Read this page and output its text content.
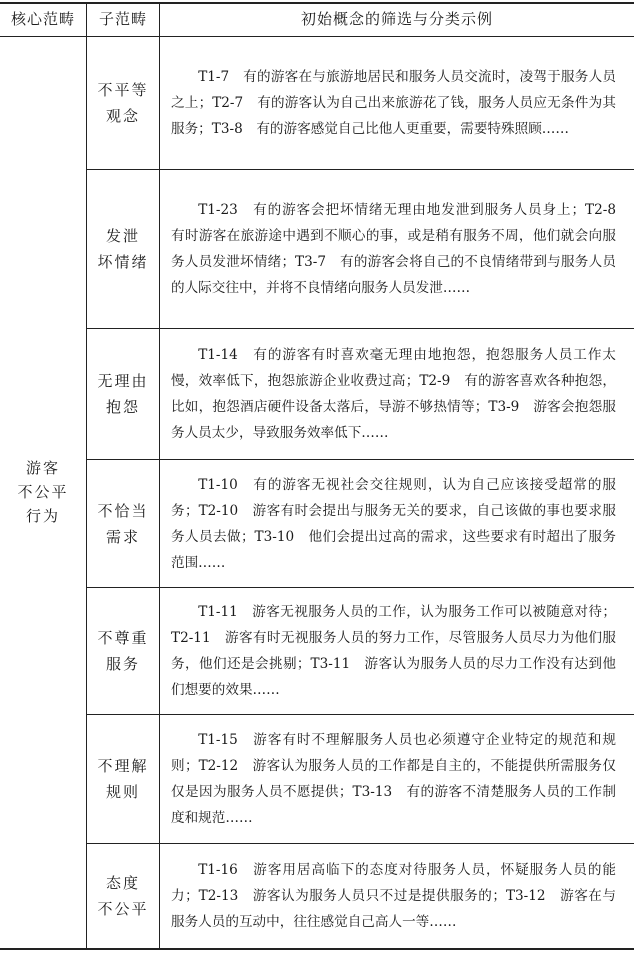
核心范畴	子范畴	初始概念的筛选与分类示例
游客
不公平
行为
不平等
观念
T1-7　有的游客在与旅游地居民和服务人员交流时，凌驾于服务人员之上；T2-7　有的游客认为自己出来旅游花了钱，服务人员应无条件为其服务；T3-8　有的游客感觉自己比他人更重要，需要特殊照顾……
发泄
坏情绪
T1-23　有的游客会把坏情绪无理由地发泄到服务人员身上；T2-8　有时游客在旅游途中遇到不顺心的事，或是稍有服务不周，他们就会向服务人员发泄坏情绪；T3-7　有的游客会将自己的不良情绪带到与服务人员的人际交往中，并将不良情绪向服务人员发泄……
无理由
抱怨
T1-14　有的游客有时喜欢毫无理由地抱怨，抱怨服务人员工作太慢，效率低下，抱怨旅游企业收费过高；T2-9　有的游客喜欢各种抱怨，比如，抱怨酒店硬件设备太落后，导游不够热情等；T3-9　游客会抱怨服务人员太少，导致服务效率低下……
不恰当
需求
T1-10　有的游客无视社会交往规则，认为自己应该接受超常的服务；T2-10　游客有时会提出与服务无关的要求，自己该做的事也要求服务人员去做；T3-10　他们会提出过高的需求，这些要求有时超出了服务范围……
不尊重
服务
T1-11　游客无视服务人员的工作，认为服务工作可以被随意对待；T2-11　游客有时无视服务人员的努力工作，尽管服务人员尽力为他们服务，他们还是会挑剔；T3-11　游客认为服务人员的尽力工作没有达到他们想要的效果……
不理解
规则
T1-15　游客有时不理解服务人员也必须遵守企业特定的规范和规则；T2-12　游客认为服务人员的工作都是自主的，不能提供所需服务仅仅是因为服务人员不愿提供；T3-13　有的游客不清楚服务人员的工作制度和规范……
态度
不公平
T1-16　游客用居高临下的态度对待服务人员，怀疑服务人员的能力；T2-13　游客认为服务人员只不过是提供服务的；T3-12　游客在与服务人员的互动中，往往感觉自己高人一等……
